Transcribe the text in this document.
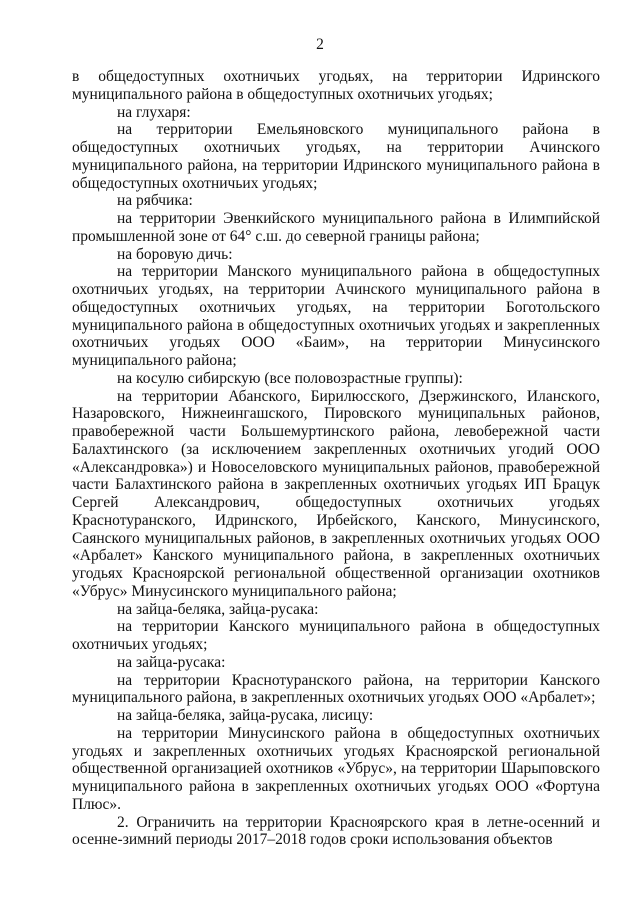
2

в общедоступных охотничьих угодьях, на территории Идринского муниципального района в общедоступных охотничьих угодьях;

на глухаря:

на территории Емельяновского муниципального района в общедоступных охотничьих угодьях, на территории Ачинского муниципального района, на территории Идринского муниципального района в общедоступных охотничьих угодьях;

на рябчика:

на территории Эвенкийского муниципального района в Илимпийской промышленной зоне от 64° с.ш. до северной границы района;

на боровую дичь:

на территории Манского муниципального района в общедоступных охотничьих угодьях, на территории Ачинского муниципального района в общедоступных охотничьих угодьях, на территории Боготольского муниципального района в общедоступных охотничьих угодьях и закрепленных охотничьих угодьях ООО «Баим», на территории Минусинского муниципального района;

на косулю сибирскую (все половозрастные группы):

на территории Абанского, Бирилюсского, Дзержинского, Иланского, Назаровского, Нижнеингашского, Пировского муниципальных районов, правобережной части Большемуртинского района, левобережной части Балахтинского (за исключением закрепленных охотничьих угодий ООО «Александровка») и Новоселовского муниципальных районов, правобережной части Балахтинского района в закрепленных охотничьих угодьях ИП Брацук Сергей Александрович, общедоступных охотничьих угодьях Краснотуранского, Идринского, Ирбейского, Канского, Минусинского, Саянского муниципальных районов, в закрепленных охотничьих угодьях ООО «Арбалет» Канского муниципального района, в закрепленных охотничьих угодьях Красноярской региональной общественной организации охотников «Убрус» Минусинского муниципального района;

на зайца-беляка, зайца-русака:

на территории Канского муниципального района в общедоступных охотничьих угодьях;

на зайца-русака:

на территории Краснотуранского района, на территории Канского муниципального района, в закрепленных охотничьих угодьях ООО «Арбалет»;

на зайца-беляка, зайца-русака, лисицу:

на территории Минусинского района в общедоступных охотничьих угодьях и закрепленных охотничьих угодьях Красноярской региональной общественной организацией охотников «Убрус», на территории Шарыповского муниципального района в закрепленных охотничьих угодьях ООО «Фортуна Плюс».

2. Ограничить на территории Красноярского края в летне-осенний и осенне-зимний периоды 2017–2018 годов сроки использования объектов
